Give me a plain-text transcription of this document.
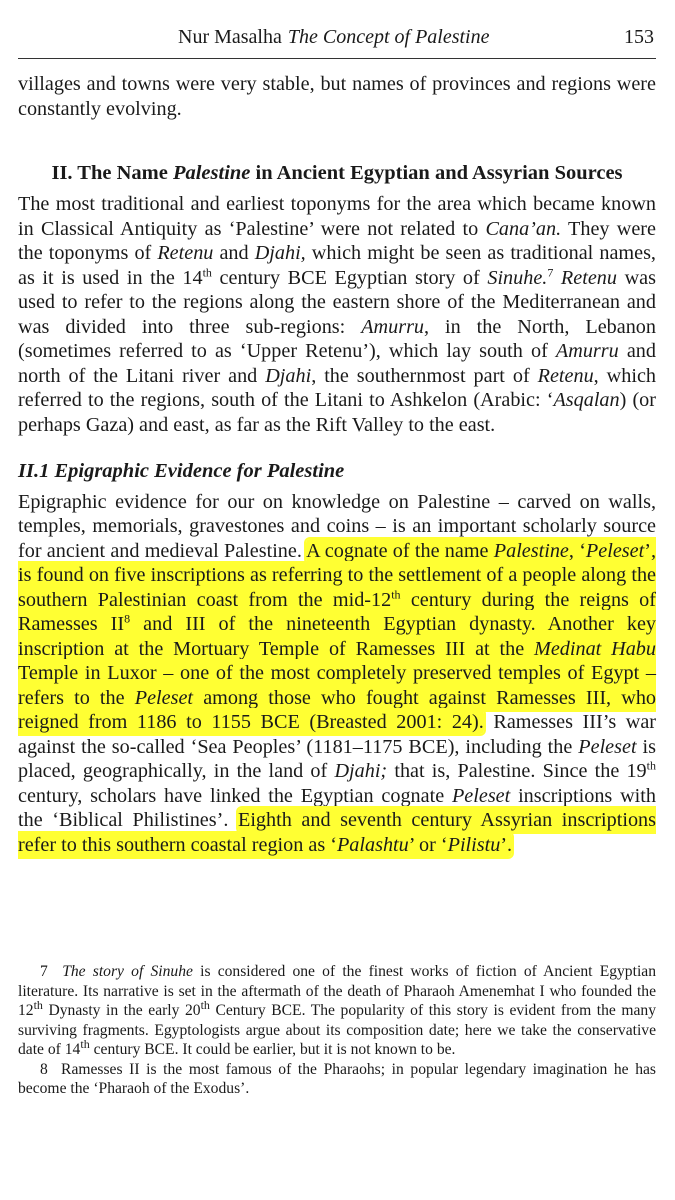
Nur Masalha The Concept of Palestine	153

villages and towns were very stable, but names of provinces and regions were constantly evolving.

II. The Name Palestine in Ancient Egyptian and Assyrian Sources

The most traditional and earliest toponyms for the area which became known in Classical Antiquity as ‘Palestine’ were not related to Cana’an. They were the toponyms of Retenu and Djahi, which might be seen as traditional names, as it is used in the 14th century BCE Egyptian story of Sinuhe.$^7$ Retenu was used to refer to the regions along the eastern shore of the Mediterranean and was divided into three sub-regions: Amurru, in the North, Lebanon (sometimes referred to as ‘Upper Retenu’), which lay south of Amurru and north of the Litani river and Djahi, the southernmost part of Retenu, which referred to the regions, south of the Litani to Ashkelon (Arabic: ‘Asqalan) (or perhaps Gaza) and east, as far as the Rift Valley to the east.

II.1 Epigraphic Evidence for Palestine

Epigraphic evidence for our on knowledge on Palestine – carved on walls, temples, memorials, gravestones and coins – is an important scholarly source for ancient and medieval Palestine. A cognate of the name Palestine, ‘Peleset’, is found on five inscriptions as referring to the settlement of a people along the southern Palestinian coast from the mid-12th century during the reigns of Ramesses $II^8$ and III of the nineteenth Egyptian dynasty. Another key inscription at the Mortuary Temple of Ramesses III at the Medinat Habu Temple in Luxor – one of the most completely preserved temples of Egypt – refers to the Peleset among those who fought against Ramesses III, who reigned from 1186 to 1155 BCE (Breasted 2001: 24). Ramesses III’s war against the so-called ‘Sea Peoples’ (1181–1175 BCE), including the Peleset is placed, geographically, in the land of Djahi; that is, Palestine. Since the 19th century, scholars have linked the Egyptian cognate Peleset inscriptions with the ‘Biblical Philistines’. Eighth and seventh century Assyrian inscriptions refer to this southern coastal region as ‘Palashtu’ or ‘Pilistu’.

7 The story of Sinuhe is considered one of the finest works of fiction of Ancient Egyptian literature. Its narrative is set in the aftermath of the death of Pharaoh Amenemhat I who founded the 12th Dynasty in the early 20th Century BCE. The popularity of this story is evident from the many surviving fragments. Egyptologists argue about its composition date; here we take the conservative date of 14th century BCE. It could be earlier, but it is not known to be.

8  Ramesses II is the most famous of the Pharaohs; in popular legendary imagination he has become the ‘Pharaoh of the Exodus’.
